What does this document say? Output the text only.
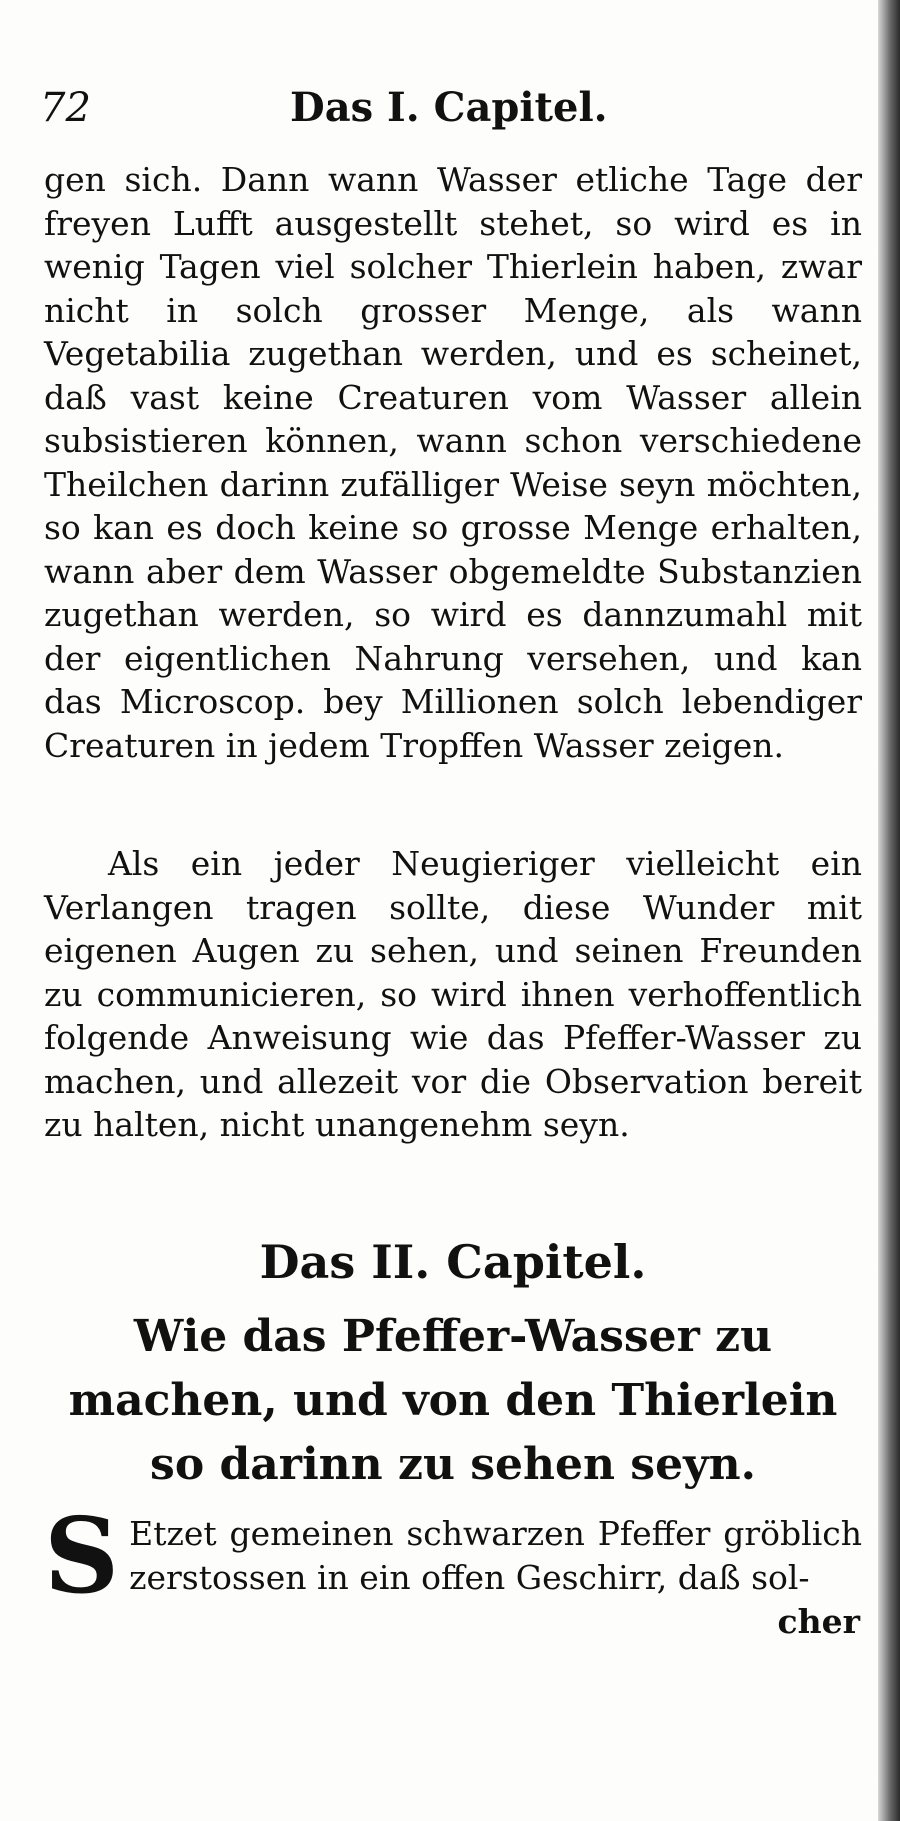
72	Das I. Capitel.

gen sich. Dann wann Wasser etliche Tage der freyen Lufft ausgestellt stehet, so wird es in wenig Tagen viel solcher Thierlein haben, zwar nicht in solch grosser Menge, als wann Vegetabilia zugethan werden, und es scheinet, daß vast keine Creaturen vom Wasser allein subsistieren können, wann schon verschiedene Theilchen darinn zufälliger Weise seyn möchten, so kan es doch keine so grosse Menge erhalten, wann aber dem Wasser obgemeldte Substanzien zugethan werden, so wird es dannzumahl mit der eigentlichen Nahrung versehen, und kan das Microscop. bey Millionen solch lebendiger Creaturen in jedem Tropffen Wasser zeigen.

Als ein jeder Neugieriger vielleicht ein Verlangen tragen sollte, diese Wunder mit eigenen Augen zu sehen, und seinen Freunden zu communicieren, so wird ihnen verhoffentlich folgende Anweisung wie das Pfeffer-Wasser zu machen, und allezeit vor die Observation bereit zu halten, nicht unangenehm seyn.

Das II. Capitel.
Wie das Pfeffer-Wasser zu machen, und von den Thierlein so darinn zu sehen seyn.

S Etzet gemeinen schwarzen Pfeffer gröblich zerstossen in ein offen Geschirr, daß sol-

cher
